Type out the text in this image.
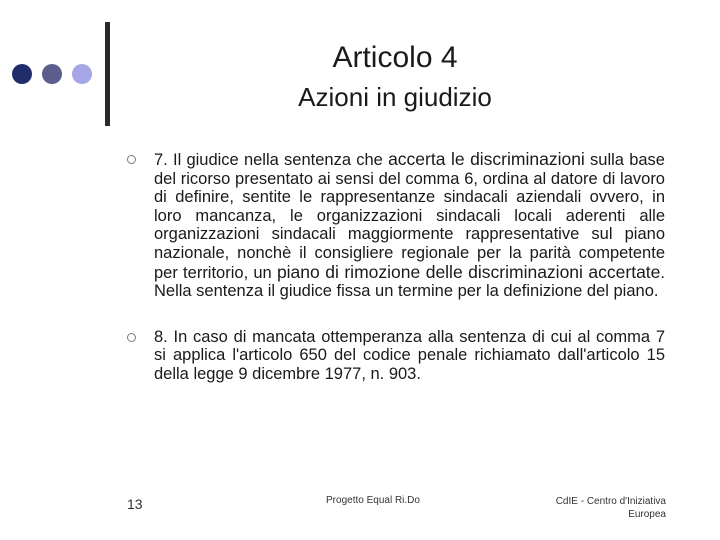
Articolo 4
Azioni in giudizio
7. Il giudice nella sentenza che accerta le discriminazioni sulla base del ricorso presentato ai sensi del comma 6, ordina al datore di lavoro di definire, sentite le rappresentanze sindacali aziendali ovvero, in loro mancanza, le organizzazioni sindacali locali aderenti alle organizzazioni sindacali maggiormente rappresentative sul piano nazionale, nonchè il consigliere regionale per la parità competente per territorio, un piano di rimozione delle discriminazioni accertate. Nella sentenza il giudice fissa un termine per la definizione del piano.
8. In caso di mancata ottemperanza alla sentenza di cui al comma 7 si applica l'articolo 650 del codice penale richiamato dall'articolo 15 della legge 9 dicembre 1977, n. 903.
13	Progetto Equal Ri.Do	CdIE - Centro d'Iniziativa
Europea
